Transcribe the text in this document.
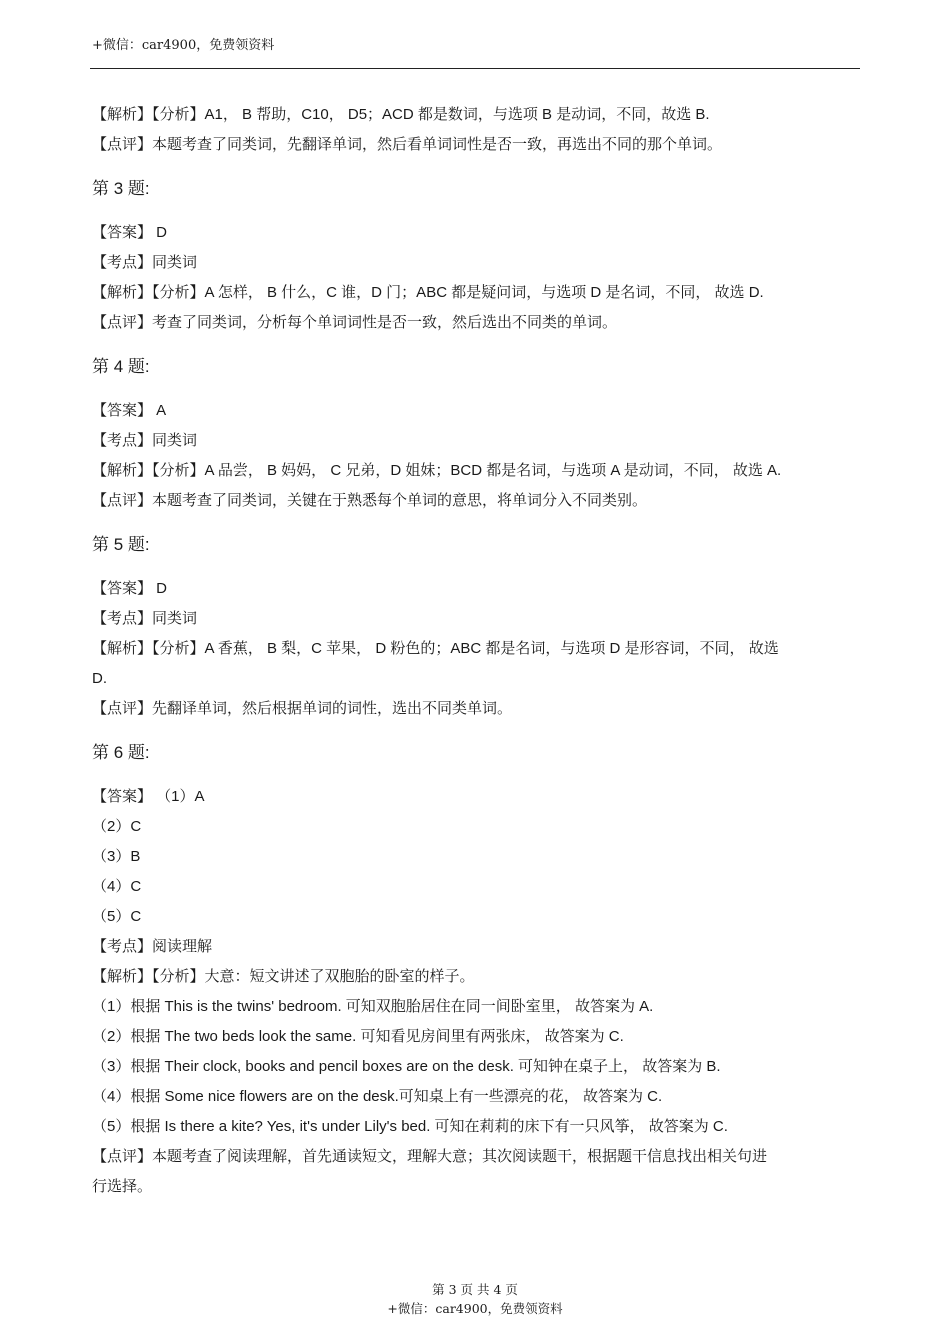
+微信：car4900，免费领资料
【解析】【分析】A1， B 帮助，C10， D5；ACD 都是数词，与选项 B 是动词，不同，故选 B.
【点评】本题考查了同类词，先翻译单词，然后看单词词性是否一致，再选出不同的那个单词。
第 3 题:
【答案】 D
【考点】同类词
【解析】【分析】A 怎样， B 什么，C 谁，D 门；ABC 都是疑问词，与选项 D 是名词，不同， 故选 D.
【点评】考查了同类词，分析每个单词词性是否一致，然后选出不同类的单词。
第 4 题:
【答案】 A
【考点】同类词
【解析】【分析】A 品尝， B 妈妈， C 兄弟，D 姐妹；BCD 都是名词，与选项 A 是动词，不同， 故选 A.
【点评】本题考查了同类词，关键在于熟悉每个单词的意思，将单词分入不同类别。
第 5 题:
【答案】 D
【考点】同类词
【解析】【分析】A 香蕉， B 梨，C 苹果， D 粉色的；ABC 都是名词，与选项 D 是形容词，不同， 故选
D.
【点评】先翻译单词，然后根据单词的词性，选出不同类单词。
第 6 题:
【答案】 （1）A
（2）C
（3）B
（4）C
（5）C
【考点】阅读理解
【解析】【分析】大意：短文讲述了双胞胎的卧室的样子。
（1）根据 This is the twins' bedroom. 可知双胞胎居住在同一间卧室里， 故答案为 A.
（2）根据 The two beds look the same. 可知看见房间里有两张床， 故答案为 C.
（3）根据 Their clock, books and pencil boxes are on the desk. 可知钟在桌子上， 故答案为 B.
（4）根据 Some nice flowers are on the desk.可知桌上有一些漂亮的花， 故答案为 C.
（5）根据 Is there a kite? Yes, it's under Lily's bed. 可知在莉莉的床下有一只风筝， 故答案为 C.
【点评】本题考查了阅读理解，首先通读短文，理解大意；其次阅读题干，根据题干信息找出相关句进
行选择。
第 3 页 共 4 页
+微信：car4900，免费领资料
